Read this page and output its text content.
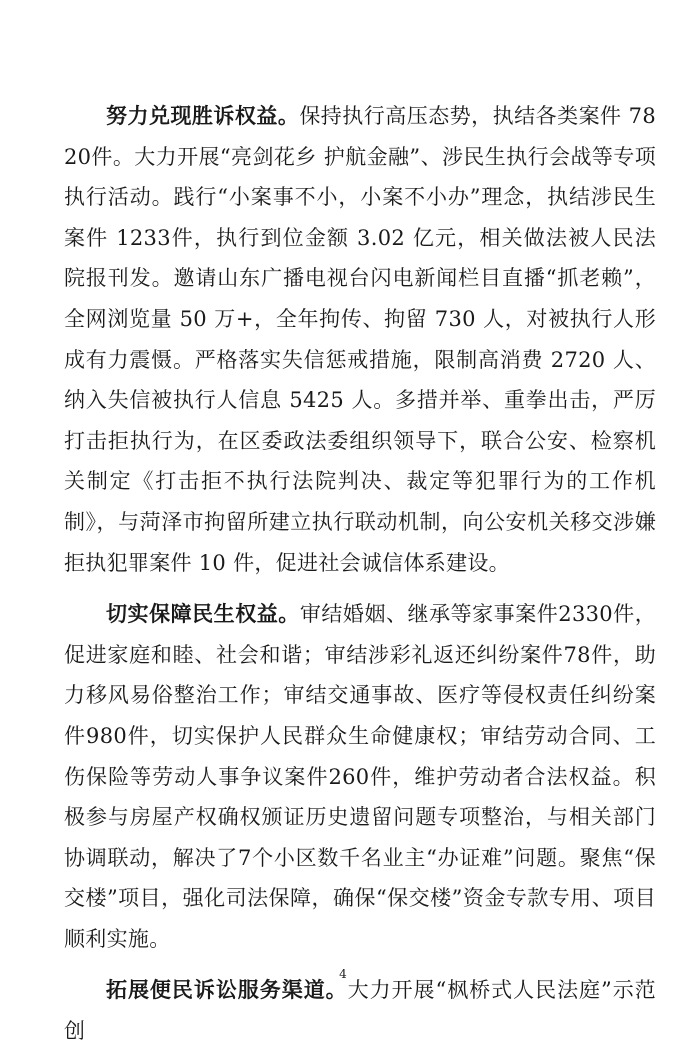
努力兑现胜诉权益。保持执行高压态势，执结各类案件 7820件。大力开展“亮剑花乡 护航金融”、涉民生执行会战等专项执行活动。践行“小案事不小，小案不小办”理念，执结涉民生案件 1233件，执行到位金额 3.02 亿元，相关做法被人民法院报刊发。邀请山东广播电视台闪电新闻栏目直播“抓老赖”，全网浏览量 50 万+，全年拘传、拘留 730 人，对被执行人形成有力震慑。严格落实失信惩戒措施，限制高消费 2720 人、纳入失信被执行人信息 5425 人。多措并举、重拳出击，严厉打击拒执行为，在区委政法委组织领导下，联合公安、检察机关制定《打击拒不执行法院判决、裁定等犯罪行为的工作机制》，与菏泽市拘留所建立执行联动机制，向公安机关移交涉嫌拒执犯罪案件 10 件，促进社会诚信体系建设。

切实保障民生权益。审结婚姻、继承等家事案件2330件，促进家庭和睦、社会和谐；审结涉彩礼返还纠纷案件78件，助力移风易俗整治工作；审结交通事故、医疗等侵权责任纠纷案件980件，切实保护人民群众生命健康权；审结劳动合同、工伤保险等劳动人事争议案件260件，维护劳动者合法权益。积极参与房屋产权确权颁证历史遗留问题专项整治，与相关部门协调联动，解决了7个小区数千名业主“办证难”问题。聚焦“保交楼”项目，强化司法保障，确保“保交楼”资金专款专用、项目顺利实施。

拓展便民诉讼服务渠道。大力开展“枫桥式人民法庭”示范创

4
